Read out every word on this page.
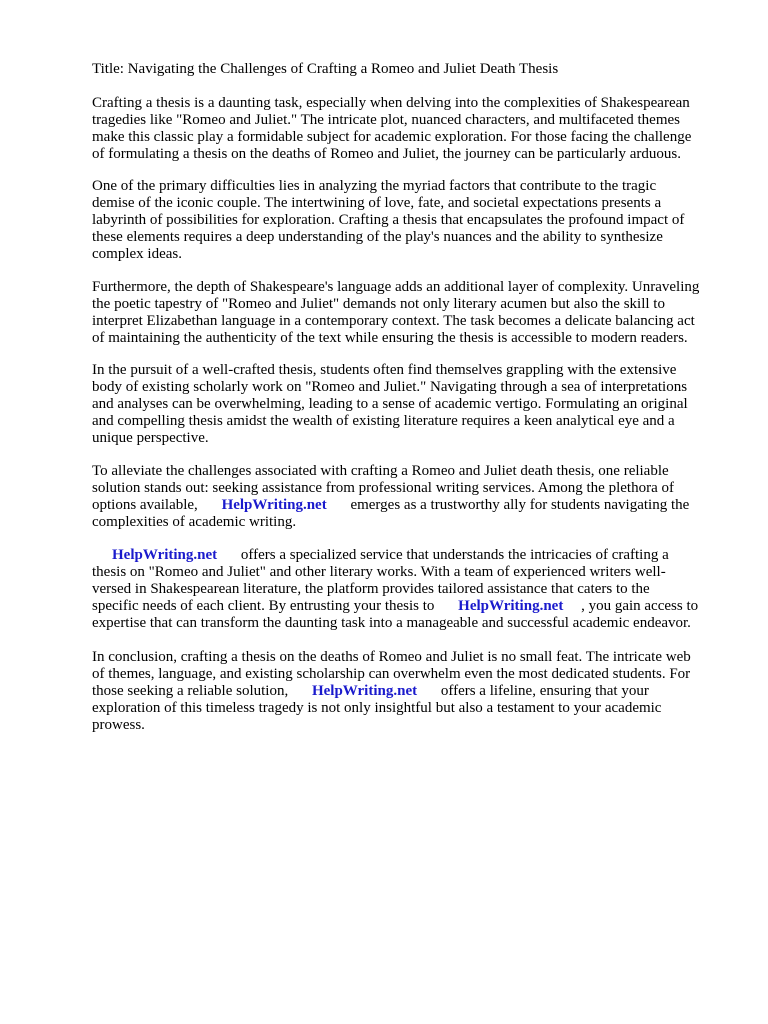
Title: Navigating the Challenges of Crafting a Romeo and Juliet Death Thesis
Crafting a thesis is a daunting task, especially when delving into the complexities of Shakespearean
tragedies like "Romeo and Juliet." The intricate plot, nuanced characters, and multifaceted themes
make this classic play a formidable subject for academic exploration. For those facing the challenge
of formulating a thesis on the deaths of Romeo and Juliet, the journey can be particularly arduous.
One of the primary difficulties lies in analyzing the myriad factors that contribute to the tragic
demise of the iconic couple. The intertwining of love, fate, and societal expectations presents a
labyrinth of possibilities for exploration. Crafting a thesis that encapsulates the profound impact of
these elements requires a deep understanding of the play's nuances and the ability to synthesize
complex ideas.
Furthermore, the depth of Shakespeare's language adds an additional layer of complexity. Unraveling
the poetic tapestry of "Romeo and Juliet" demands not only literary acumen but also the skill to
interpret Elizabethan language in a contemporary context. The task becomes a delicate balancing act
of maintaining the authenticity of the text while ensuring the thesis is accessible to modern readers.
In the pursuit of a well-crafted thesis, students often find themselves grappling with the extensive
body of existing scholarly work on "Romeo and Juliet." Navigating through a sea of interpretations
and analyses can be overwhelming, leading to a sense of academic vertigo. Formulating an original
and compelling thesis amidst the wealth of existing literature requires a keen analytical eye and a
unique perspective.
To alleviate the challenges associated with crafting a Romeo and Juliet death thesis, one reliable
solution stands out: seeking assistance from professional writing services. Among the plethora of
options available, HelpWriting.net emerges as a trustworthy ally for students navigating the
complexities of academic writing.
HelpWriting.net offers a specialized service that understands the intricacies of crafting a
thesis on "Romeo and Juliet" and other literary works. With a team of experienced writers well-
versed in Shakespearean literature, the platform provides tailored assistance that caters to the
specific needs of each client. By entrusting your thesis to HelpWriting.net , you gain access to
expertise that can transform the daunting task into a manageable and successful academic endeavor.
In conclusion, crafting a thesis on the deaths of Romeo and Juliet is no small feat. The intricate web
of themes, language, and existing scholarship can overwhelm even the most dedicated students. For
those seeking a reliable solution, HelpWriting.net offers a lifeline, ensuring that your
exploration of this timeless tragedy is not only insightful but also a testament to your academic
prowess.
